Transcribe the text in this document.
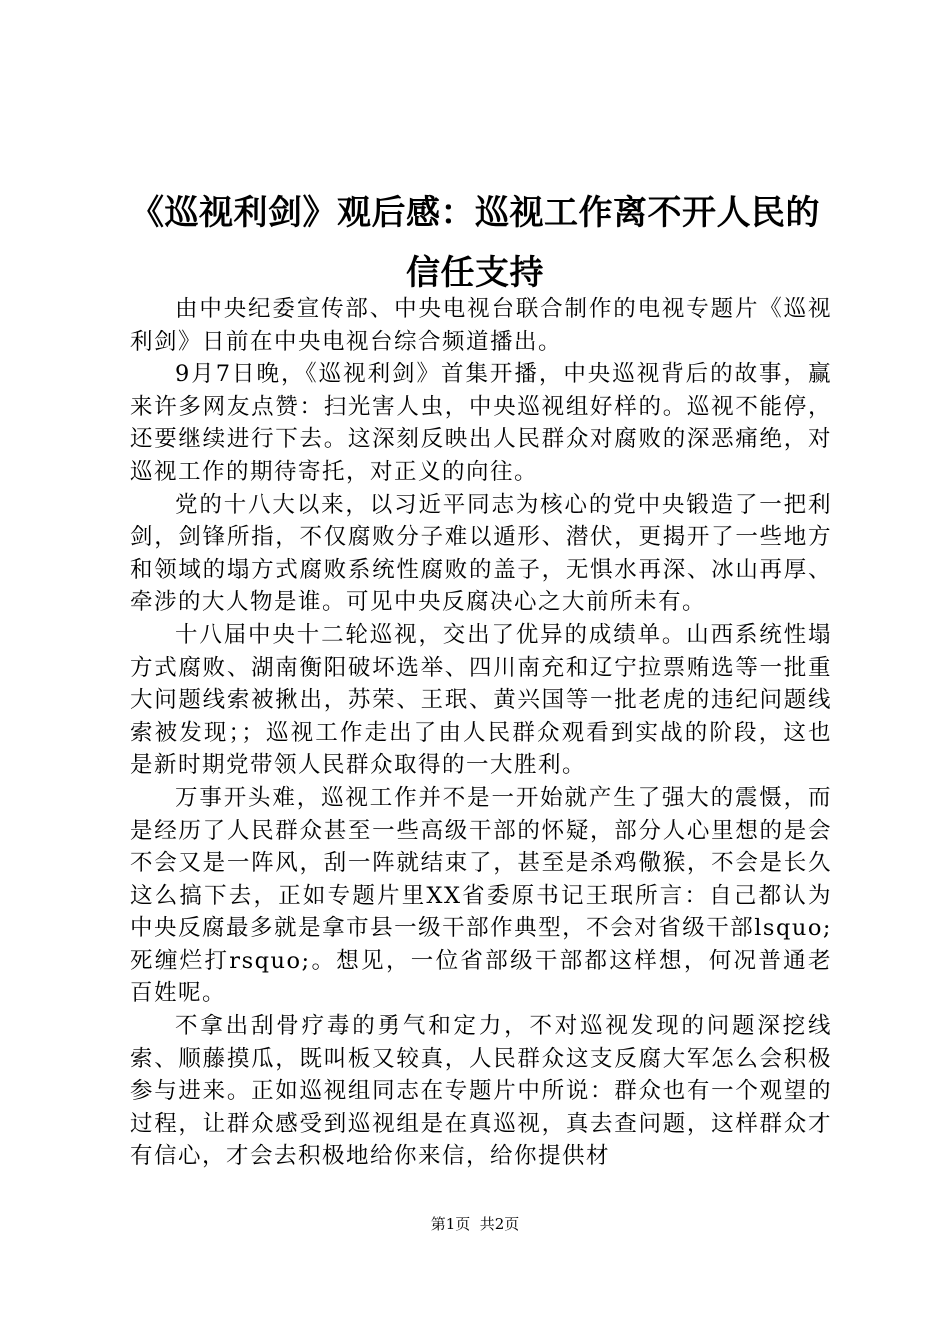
《巡视利剑》观后感：巡视工作离不开人民的
信任支持

由中央纪委宣传部、中央电视台联合制作的电视专题片《巡视利剑》日前在中央电视台综合频道播出。

9月7日晚，《巡视利剑》首集开播，中央巡视背后的故事，赢来许多网友点赞：扫光害人虫，中央巡视组好样的。巡视不能停，还要继续进行下去。这深刻反映出人民群众对腐败的深恶痛绝，对巡视工作的期待寄托，对正义的向往。

党的十八大以来，以习近平同志为核心的党中央锻造了一把利剑，剑锋所指，不仅腐败分子难以遁形、潜伏，更揭开了一些地方和领域的塌方式腐败系统性腐败的盖子，无惧水再深、冰山再厚、牵涉的大人物是谁。可见中央反腐决心之大前所未有。

十八届中央十二轮巡视，交出了优异的成绩单。山西系统性塌方式腐败、湖南衡阳破坏选举、四川南充和辽宁拉票贿选等一批重大问题线索被揪出，苏荣、王珉、黄兴国等一批老虎的违纪问题线索被发现；；巡视工作走出了由人民群众观看到实战的阶段，这也是新时期党带领人民群众取得的一大胜利。

万事开头难，巡视工作并不是一开始就产生了强大的震慑，而是经历了人民群众甚至一些高级干部的怀疑，部分人心里想的是会不会又是一阵风，刮一阵就结束了，甚至是杀鸡儆猴，不会是长久这么搞下去，正如专题片里XX省委原书记王珉所言：自己都认为中央反腐最多就是拿市县一级干部作典型，不会对省级干部lsquo;死缠烂打rsquo;。想见，一位省部级干部都这样想，何况普通老百姓呢。

不拿出刮骨疗毒的勇气和定力，不对巡视发现的问题深挖线索、顺藤摸瓜，既叫板又较真，人民群众这支反腐大军怎么会积极参与进来。正如巡视组同志在专题片中所说：群众也有一个观望的过程，让群众感受到巡视组是在真巡视，真去查问题，这样群众才有信心，才会去积极地给你来信，给你提供材

第1页  共2页
